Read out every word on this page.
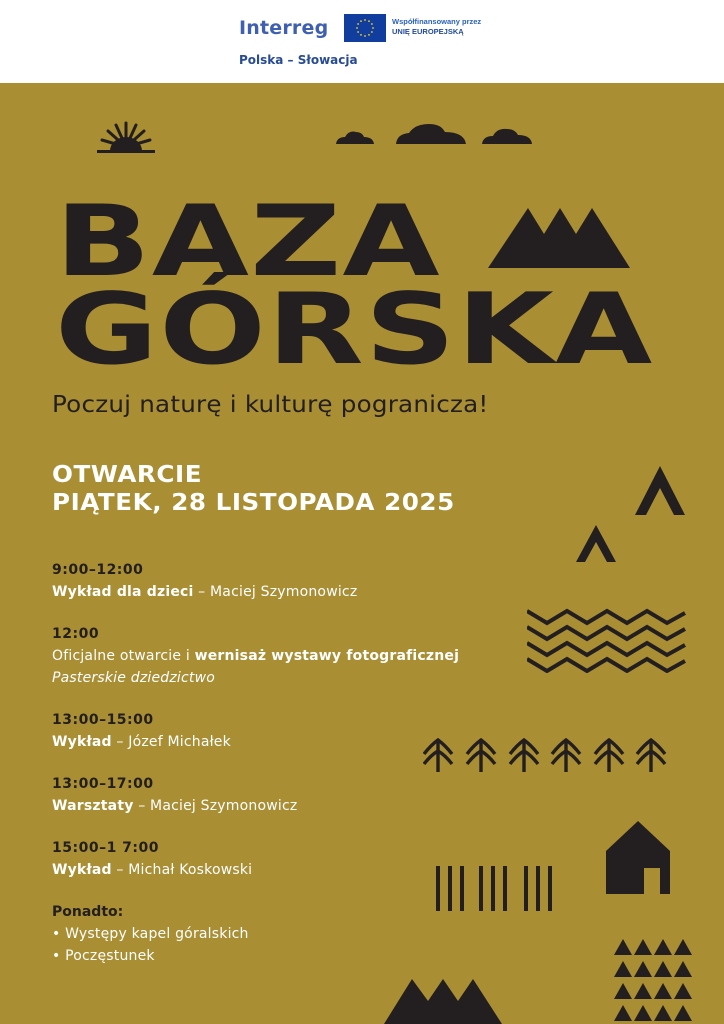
Interreg	Współfinansowany przez
UNIĘ EUROPEJSKĄ
Polska – Słowacja
BAZA
GÓRSKA
Poczuj naturę i kulturę pogranicza!
OTWARCIE
PIĄTEK, 28 LISTOPADA 2025
9:00–12:00
Wykład dla dzieci – Maciej Szymonowicz
12:00
Oficjalne otwarcie i wernisaż wystawy fotograficznej Pasterskie dziedzictwo
13:00–15:00
Wykład – Józef Michałek
13:00–17:00
Warsztaty – Maciej Szymonowicz
15:00–1 7:00
Wykład – Michał Koskowski
Ponadto:
• Występy kapel góralskich
• Poczęstunek
